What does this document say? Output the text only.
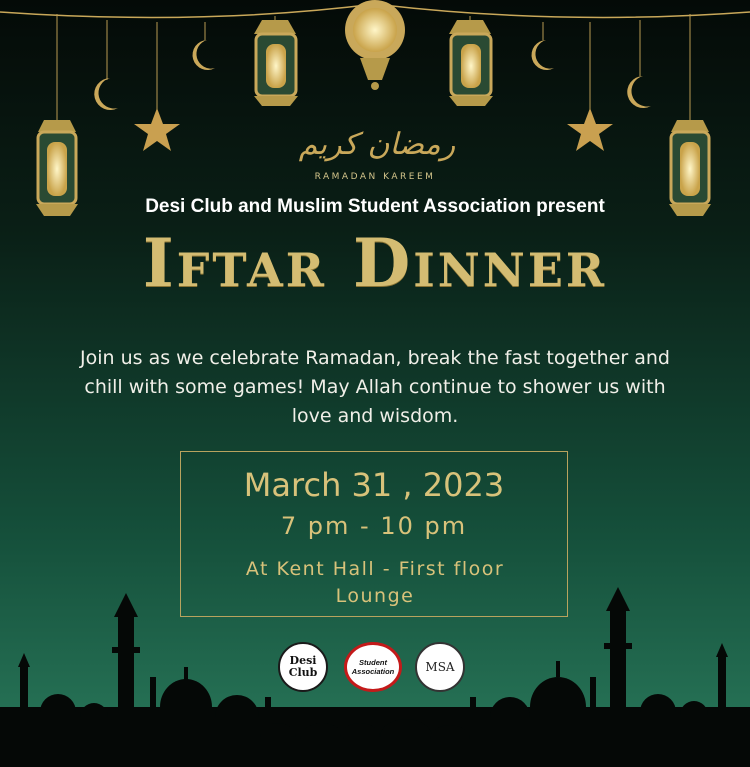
رمضان كريم
RAMADAN KAREEM
Desi Club and Muslim Student Association present
Iftar Dinner
Join us as we celebrate Ramadan, break the fast together and chill with some games! May Allah continue to shower us with love and wisdom.
March 31 , 2023
7 pm - 10 pm
At Kent Hall - First floor Lounge
Desi Club
Student Association	MSA
